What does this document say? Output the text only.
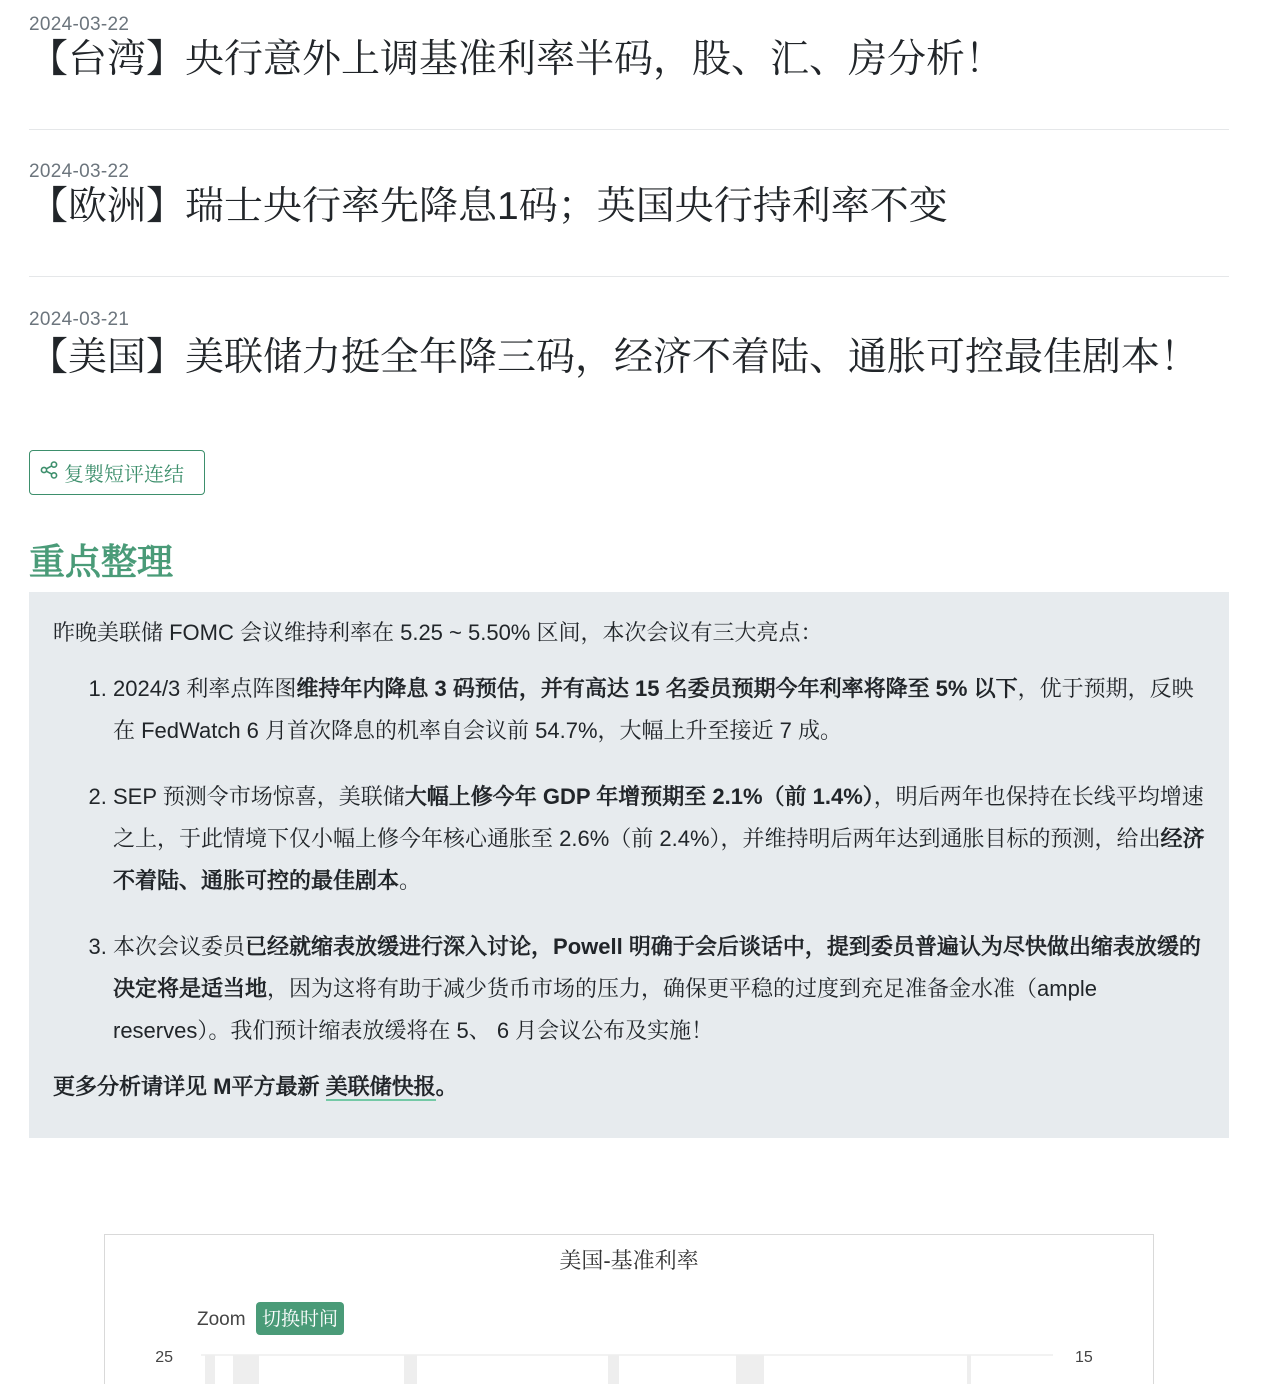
2024-03-22
【台湾】央行意外上调基准利率半码，股、汇、房分析！
2024-03-22
【欧洲】瑞士央行率先降息1码；英国央行持利率不变
2024-03-21
【美国】美联储力挺全年降三码，经济不着陆、通胀可控最佳剧本！
复製短评连结
重点整理
昨晚美联储 FOMC 会议维持利率在 5.25 ~ 5.50% 区间，本次会议有三大亮点：
1. 2024/3 利率点阵图维持年内降息 3 码预估，并有高达 15 名委员预期今年利率将降至 5% 以下，优于预期，反映在 FedWatch 6 月首次降息的机率自会议前 54.7%，大幅上升至接近 7 成。
2. SEP 预测令市场惊喜，美联储大幅上修今年 GDP 年增预期至 2.1%（前 1.4%），明后两年也保持在长线平均增速之上，于此情境下仅小幅上修今年核心通胀至 2.6%（前 2.4%），并维持明后两年达到通胀目标的预测，给出经济不着陆、通胀可控的最佳剧本。
3. 本次会议委员已经就缩表放缓进行深入讨论，Powell 明确于会后谈话中，提到委员普遍认为尽快做出缩表放缓的决定将是适当地，因为这将有助于减少货币市场的压力，确保更平稳的过度到充足准备金水准（ample reserves）。我们预计缩表放缓将在 5、 6 月会议公布及实施！
更多分析请详见 M平方最新 美联储快报。
美国-基准利率
Zoom 切换时间
25	15
